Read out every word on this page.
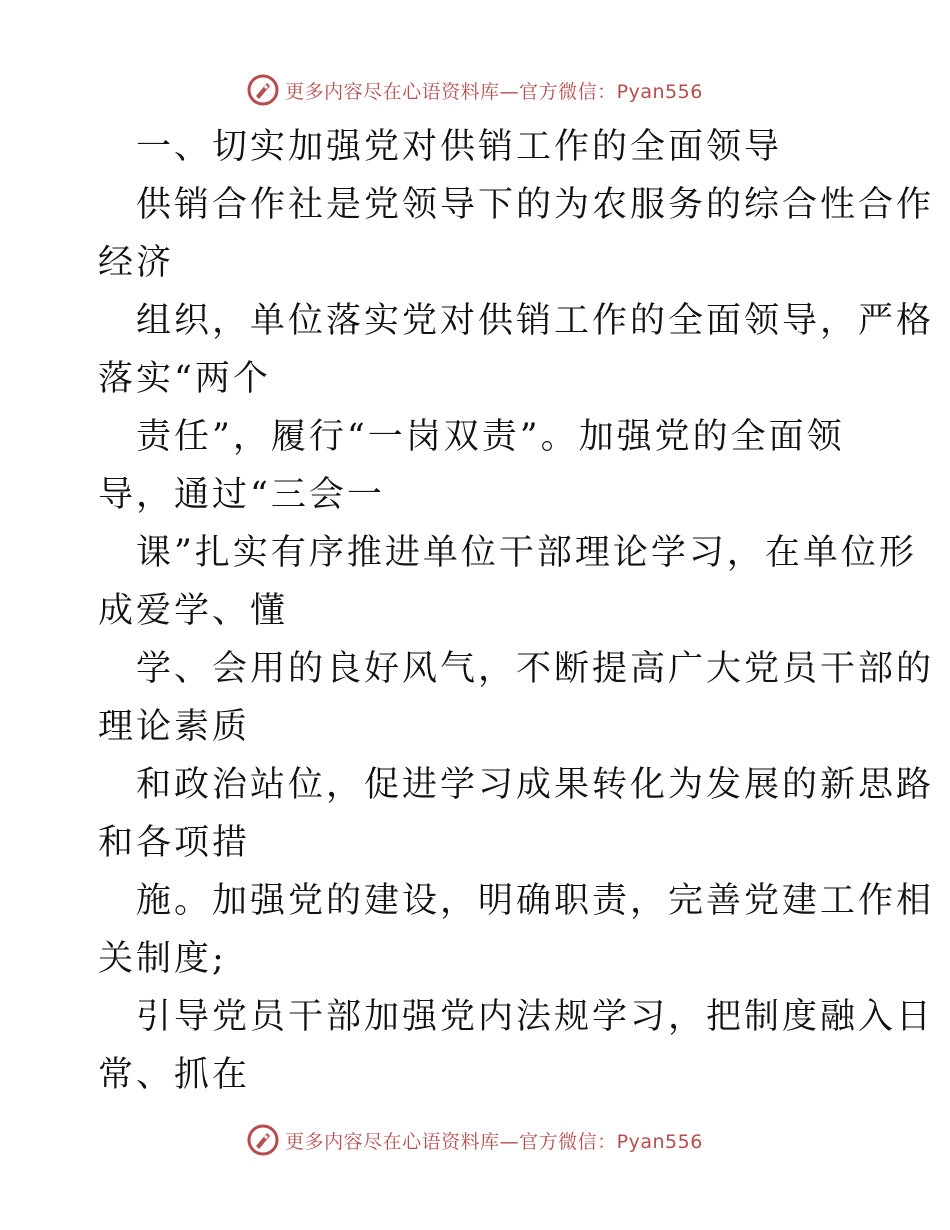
更多内容尽在心语资料库—官方微信：Pyan556
一、切实加强党对供销工作的全面领导
供销合作社是党领导下的为农服务的综合性合作
经济
组织，单位落实党对供销工作的全面领导，严格
落实“两个
责任”，履行“一岗双责”。加强党的全面领
导，通过“三会一
课”扎实有序推进单位干部理论学习，在单位形
成爱学、懂
学、会用的良好风气，不断提高广大党员干部的
理论素质
和政治站位，促进学习成果转化为发展的新思路
和各项措
施。加强党的建设，明确职责，完善党建工作相
关制度;
引导党员干部加强党内法规学习，把制度融入日
常、抓在
更多内容尽在心语资料库—官方微信：Pyan556
